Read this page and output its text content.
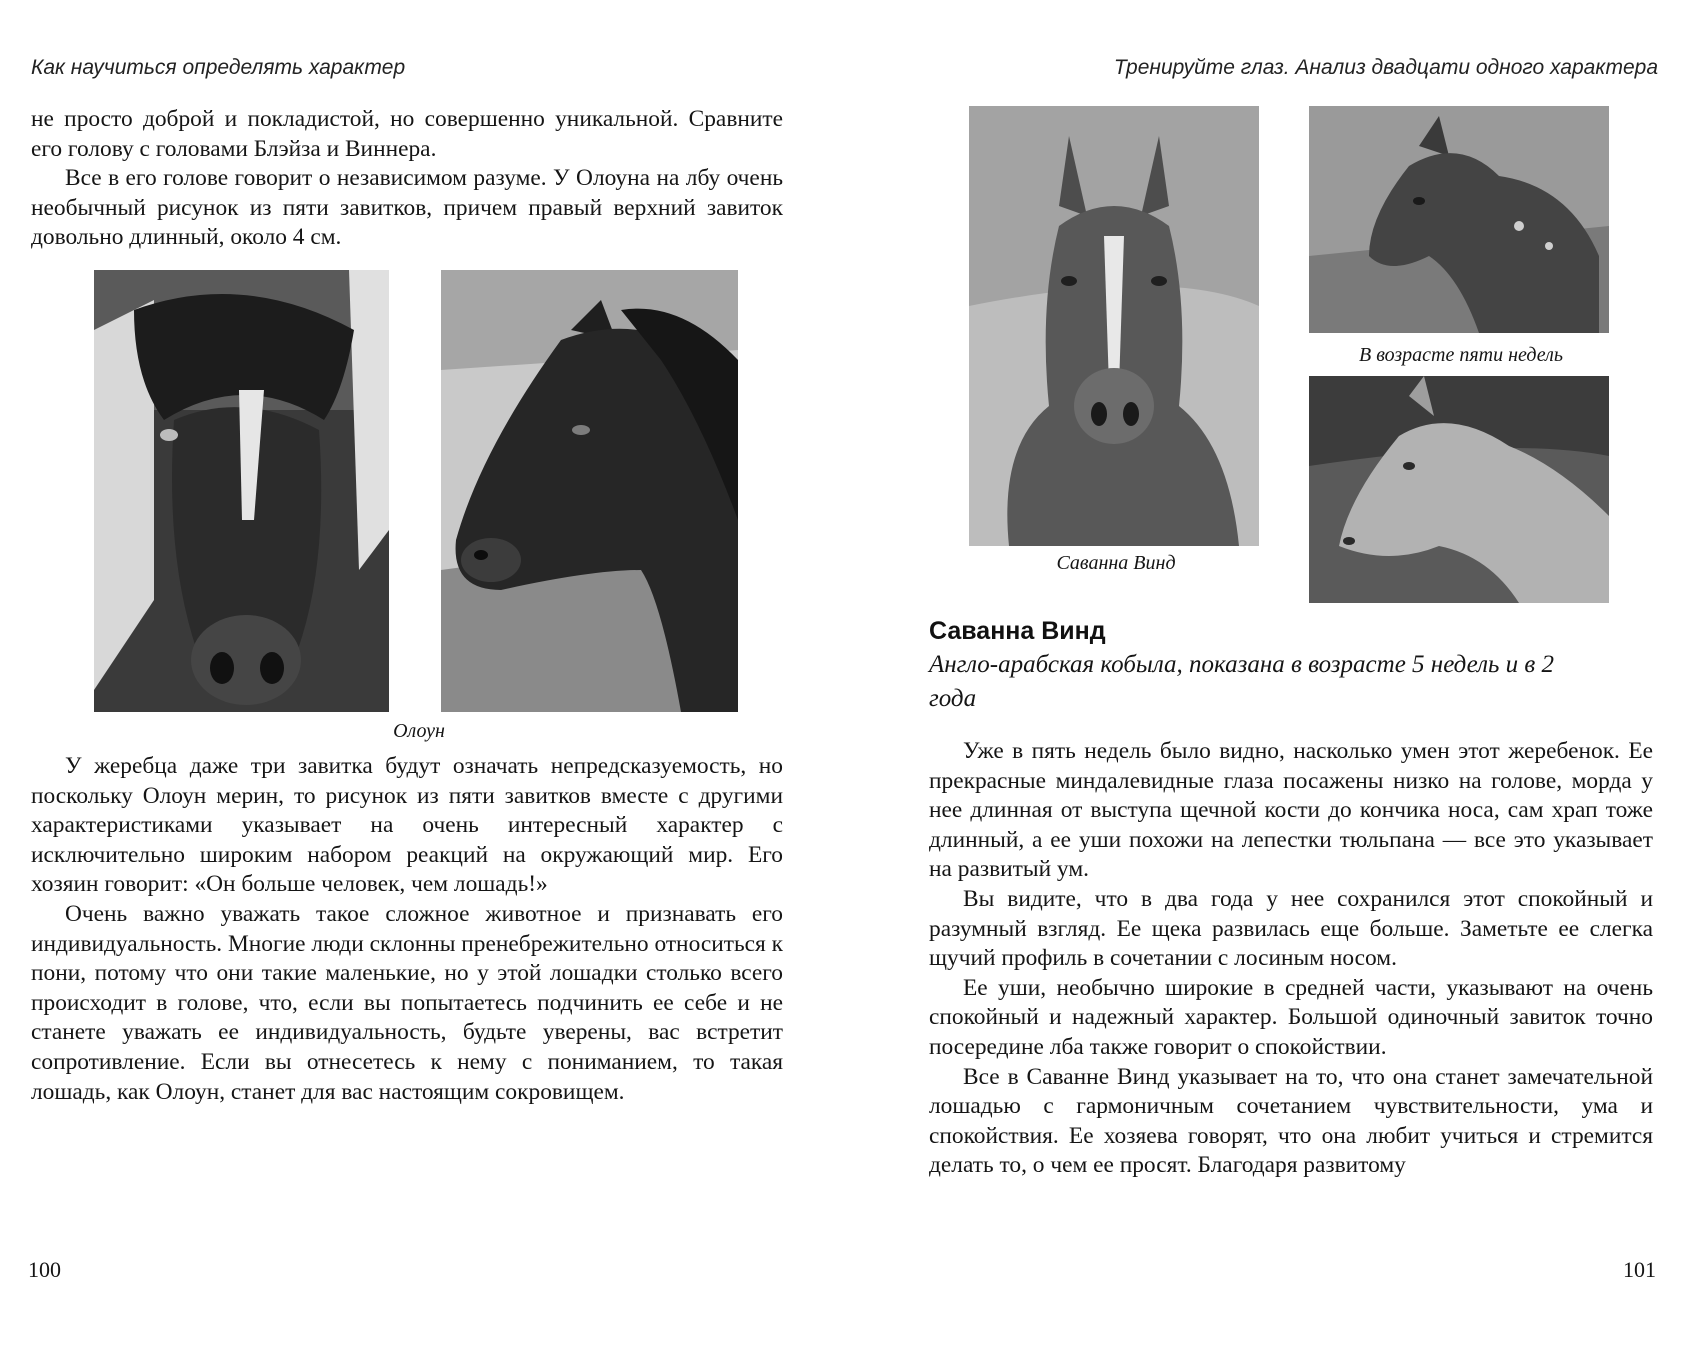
Как научиться определять характер

не просто доброй и покладистой, но совершенно уникальной. Сравните его голову с головами Блэйза и Виннера.

Все в его голове говорит о независимом разуме. У Олоуна на лбу очень необычный рисунок из пяти завитков, причем правый верхний завиток довольно длинный, около 4 см.

Олоун

У жеребца даже три завитка будут означать непредсказуемость, но поскольку Олоун мерин, то рисунок из пяти завитков вместе с другими характеристиками указывает на очень интересный характер с исключительно широким набором реакций на окружающий мир. Его хозяин говорит: «Он больше человек, чем лошадь!»

Очень важно уважать такое сложное животное и признавать его индивидуальность. Многие люди склонны пренебрежительно относиться к пони, потому что они такие маленькие, но у этой лошадки столько всего происходит в голове, что, если вы попытаетесь подчинить ее себе и не станете уважать ее индивидуальность, будьте уверены, вас встретит сопротивление. Если вы отнесетесь к нему с пониманием, то такая лошадь, как Олоун, станет для вас настоящим сокровищем.

100
Тренируйте глаз. Анализ двадцати одного характера
Саванна Винд
В возрасте пяти недель
Саванна Винд
Англо-арабская кобыла, показана в возрасте 5 недель и в 2 года

Уже в пять недель было видно, насколько умен этот жеребенок. Ее прекрасные миндалевидные глаза посажены низко на голове, морда у нее длинная от выступа щечной кости до кончика носа, сам храп тоже длинный, а ее уши похожи на лепестки тюльпана — все это указывает на развитый ум.

Вы видите, что в два года у нее сохранился этот спокойный и разумный взгляд. Ее щека развилась еще больше. Заметьте ее слегка щучий профиль в сочетании с лосиным носом.

Ее уши, необычно широкие в средней части, указывают на очень спокойный и надежный характер. Большой одиночный завиток точно посередине лба также говорит о спокойствии.

Все в Саванне Винд указывает на то, что она станет замечательной лошадью с гармоничным сочетанием чувствительности, ума и спокойствия. Ее хозяева говорят, что она любит учиться и стремится делать то, о чем ее просят. Благодаря развитому

101
